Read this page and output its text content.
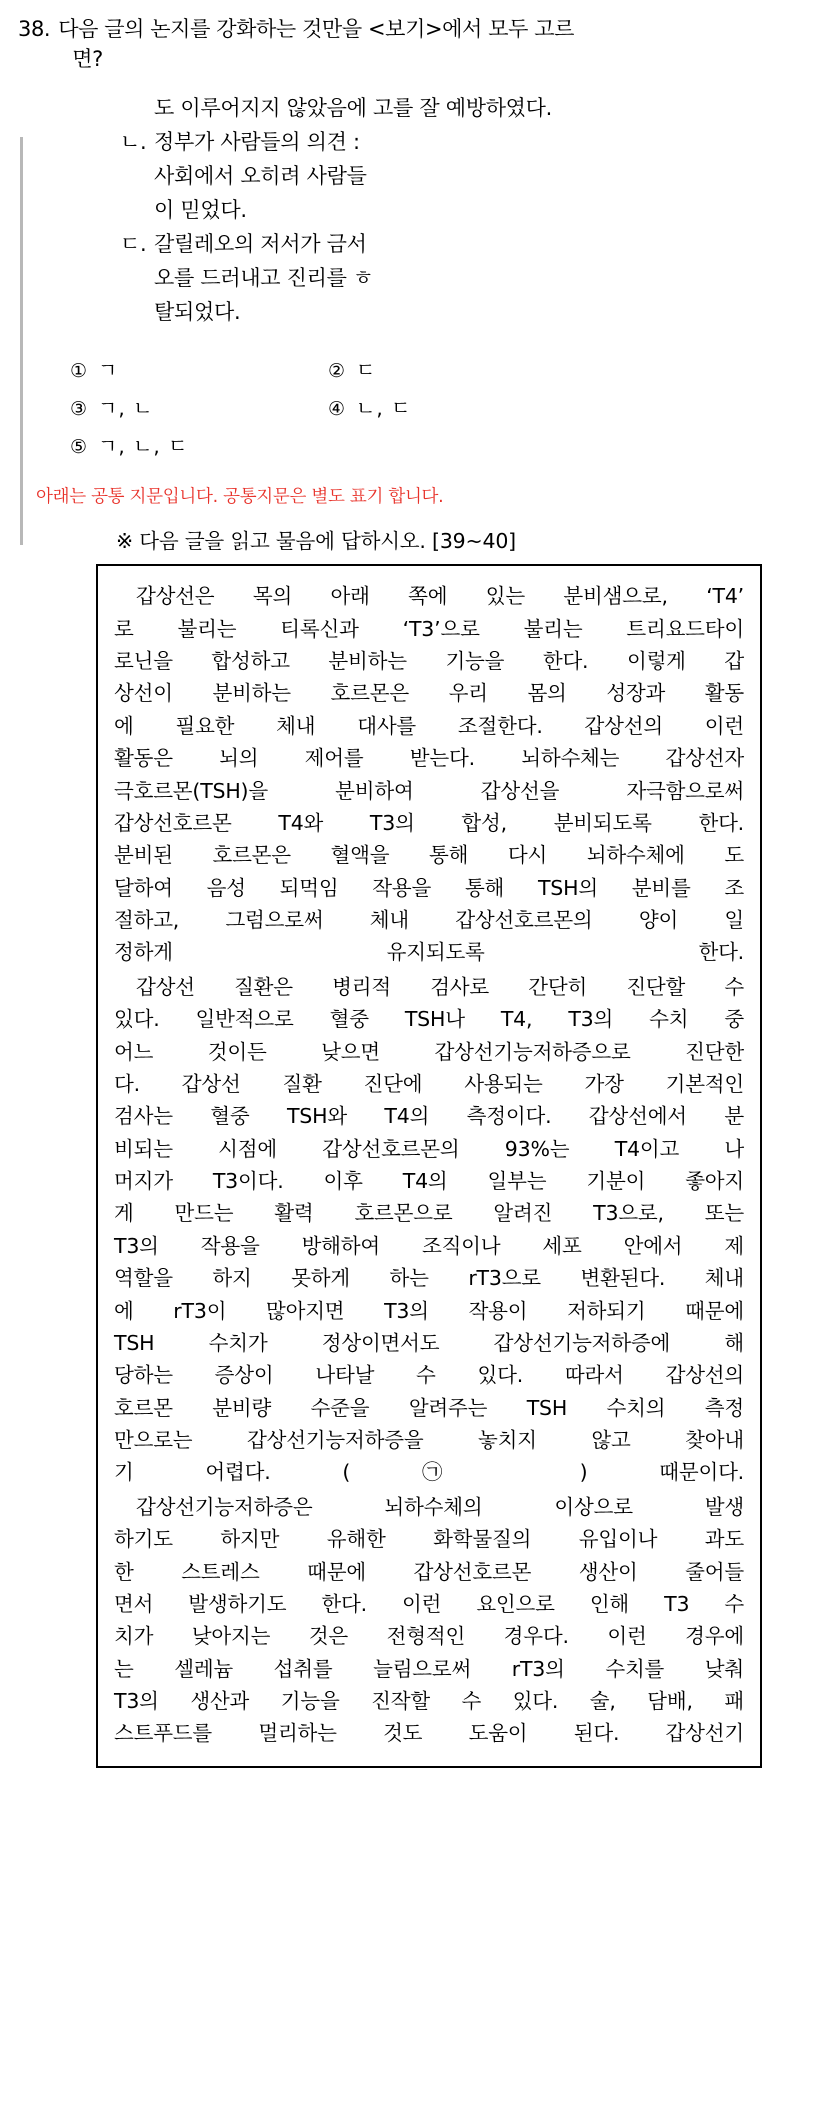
38. 다음 글의 논지를 강화하는 것만을 <보기>에서 모두 고르
면?
도 이루어지지 않았음에 고를 잘 예방하였다.
ㄴ. 정부가 사람들의 의견 :
사회에서 오히려 사람들
이 믿었다.
ㄷ. 갈릴레오의 저서가 금서
오를 드러내고 진리를 ㅎ
탈되었다.
① ㄱ	② ㄷ
③ ㄱ, ㄴ	④ ㄴ, ㄷ
⑤ ㄱ, ㄴ, ㄷ
아래는 공통 지문입니다. 공통지문은 별도 표기 합니다.
※ 다음 글을 읽고 물음에 답하시오. [39~40]

갑상선은 목의 아래 쪽에 있는 분비샘으로, ‘T4’
로 불리는 티록신과 ‘T3’으로 불리는 트리요드타이
로닌을 합성하고 분비하는 기능을 한다. 이렇게 갑
상선이 분비하는 호르몬은 우리 몸의 성장과 활동
에 필요한 체내 대사를 조절한다. 갑상선의 이런
활동은 뇌의 제어를 받는다. 뇌하수체는 갑상선자
극호르몬(TSH)을 분비하여 갑상선을 자극함으로써
갑상선호르몬 T4와 T3의 합성, 분비되도록 한다.
분비된 호르몬은 혈액을 통해 다시 뇌하수체에 도
달하여 음성 되먹임 작용을 통해 TSH의 분비를 조
절하고, 그럼으로써 체내 갑상선호르몬의 양이 일
정하게 유지되도록 한다.

갑상선 질환은 병리적 검사로 간단히 진단할 수
있다. 일반적으로 혈중 TSH나 T4, T3의 수치 중
어느 것이든 낮으면 갑상선기능저하증으로 진단한
다. 갑상선 질환 진단에 사용되는 가장 기본적인
검사는 혈중 TSH와 T4의 측정이다. 갑상선에서 분
비되는 시점에 갑상선호르몬의 93%는 T4이고 나
머지가 T3이다. 이후 T4의 일부는 기분이 좋아지
게 만드는 활력 호르몬으로 알려진 T3으로, 또는
T3의 작용을 방해하여 조직이나 세포 안에서 제
역할을 하지 못하게 하는 rT3으로 변환된다. 체내
에 rT3이 많아지면 T3의 작용이 저하되기 때문에
TSH 수치가 정상이면서도 갑상선기능저하증에 해
당하는 증상이 나타날 수 있다. 따라서 갑상선의
호르몬 분비량 수준을 알려주는 TSH 수치의 측정
만으로는 갑상선기능저하증을 놓치지 않고 찾아내
기 어렵다. ( ㉠ ) 때문이다.

갑상선기능저하증은 뇌하수체의 이상으로 발생
하기도 하지만 유해한 화학물질의 유입이나 과도
한 스트레스 때문에 갑상선호르몬 생산이 줄어들
면서 발생하기도 한다. 이런 요인으로 인해 T3 수
치가 낮아지는 것은 전형적인 경우다. 이런 경우에
는 셀레늄 섭취를 늘림으로써 rT3의 수치를 낮춰
T3의 생산과 기능을 진작할 수 있다. 술, 담배, 패
스트푸드를 멀리하는 것도 도움이 된다. 갑상선기
